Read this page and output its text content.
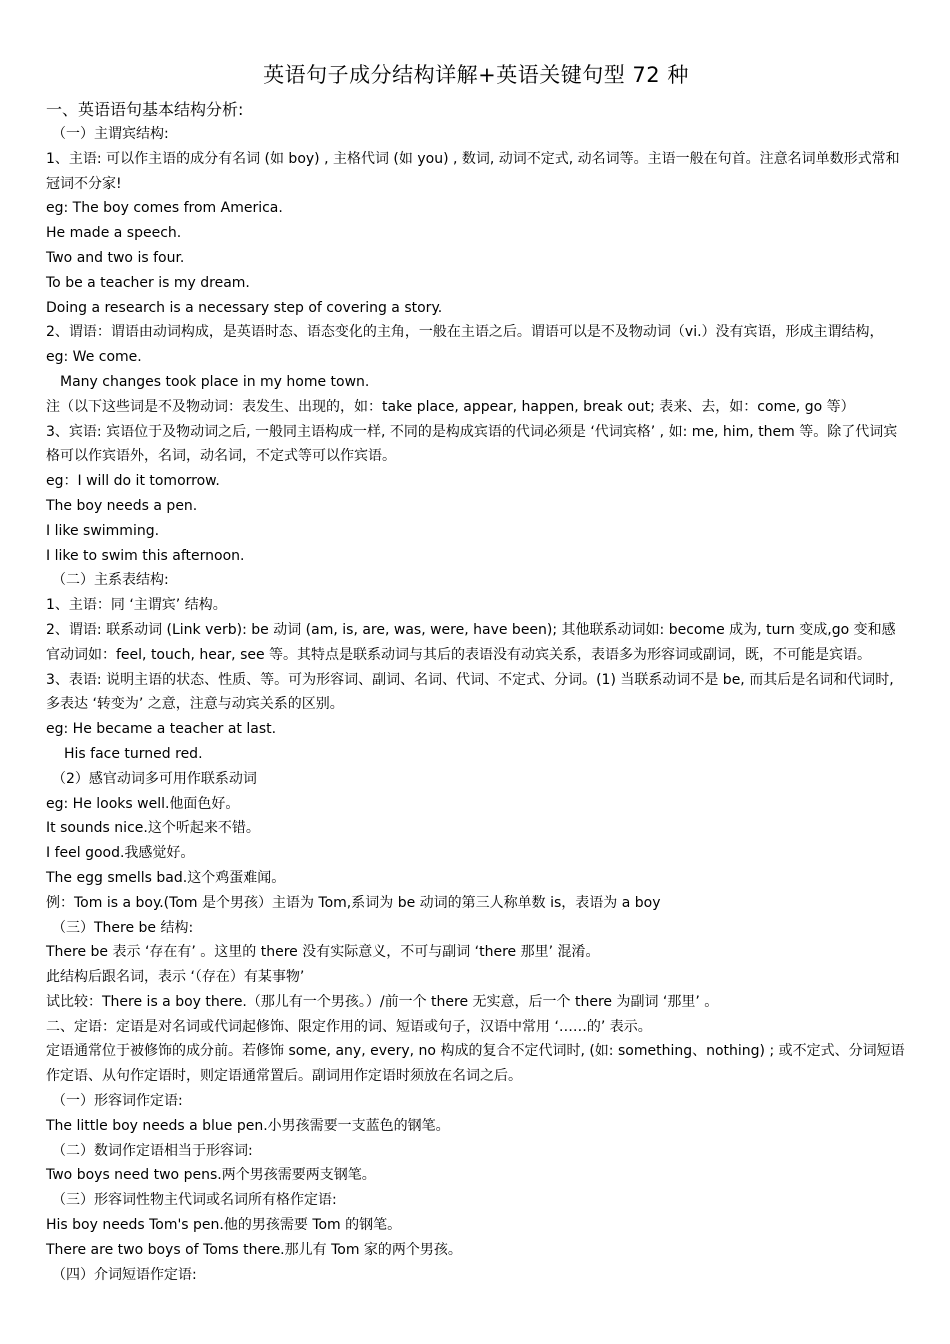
英语句子成分结构详解+英语关键句型 72 种
一、英语语句基本结构分析:
（一）主谓宾结构:
1、主语: 可以作主语的成分有名词 (如 boy) , 主格代词 (如 you) , 数词, 动词不定式, 动名词等。主语一般在句首。注意名词单数形式常和冠词不分家!
eg: The boy comes from America.
He made a speech.
Two and two is four.
To be a teacher is my dream.
Doing a research is a necessary step of covering a story.
2、谓语：谓语由动词构成，是英语时态、语态变化的主角，一般在主语之后。谓语可以是不及物动词（vi.）没有宾语，形成主谓结构，
eg: We come.
Many changes took place in my home town.
注（以下这些词是不及物动词：表发生、出现的，如：take place, appear, happen, break out; 表来、去，如：come, go 等）
3、宾语: 宾语位于及物动词之后, 一般同主语构成一样, 不同的是构成宾语的代词必须是 ‘代词宾格’ , 如: me, him, them 等。除了代词宾格可以作宾语外，名词，动名词，不定式等可以作宾语。
eg：I will do it tomorrow.
The boy needs a pen.
I like swimming.
I like to swim this afternoon.
（二）主系表结构:
1、主语：同 ‘主谓宾’ 结构。
2、谓语: 联系动词 (Link verb): be 动词 (am, is, are, was, were, have been); 其他联系动词如: become 成为, turn 变成,go 变和感官动词如：feel, touch, hear, see 等。其特点是联系动词与其后的表语没有动宾关系，表语多为形容词或副词，既，不可能是宾语。
3、表语: 说明主语的状态、性质、等。可为形容词、副词、名词、代词、不定式、分词。(1) 当联系动词不是 be, 而其后是名词和代词时, 多表达 ‘转变为’ 之意，注意与动宾关系的区别。
eg: He became a teacher at last.
His face turned red.
（2）感官动词多可用作联系动词
eg: He looks well.他面色好。
It sounds nice.这个听起来不错。
I feel good.我感觉好。
The egg smells bad.这个鸡蛋难闻。
例：Tom is a boy.(Tom 是个男孩）主语为 Tom,系词为 be 动词的第三人称单数 is，表语为 a boy
（三）There be 结构:
There be 表示 ‘存在有’ 。这里的 there 没有实际意义，不可与副词 ‘there 那里’ 混淆。
此结构后跟名词，表示 ‘（存在）有某事物’
试比较：There is a boy there.（那儿有一个男孩。）/前一个 there 无实意，后一个 there 为副词 ‘那里’ 。
二、定语：定语是对名词或代词起修饰、限定作用的词、短语或句子，汉语中常用 ‘……的’ 表示。
定语通常位于被修饰的成分前。若修饰 some, any, every, no 构成的复合不定代词时, (如: something、nothing) ; 或不定式、分词短语作定语、从句作定语时，则定语通常置后。副词用作定语时须放在名词之后。
（一）形容词作定语:
The little boy needs a blue pen.小男孩需要一支蓝色的钢笔。
（二）数词作定语相当于形容词:
Two boys need two pens.两个男孩需要两支钢笔。
（三）形容词性物主代词或名词所有格作定语:
His boy needs Tom's pen.他的男孩需要 Tom 的钢笔。
There are two boys of Toms there.那儿有 Tom 家的两个男孩。
（四）介词短语作定语:
